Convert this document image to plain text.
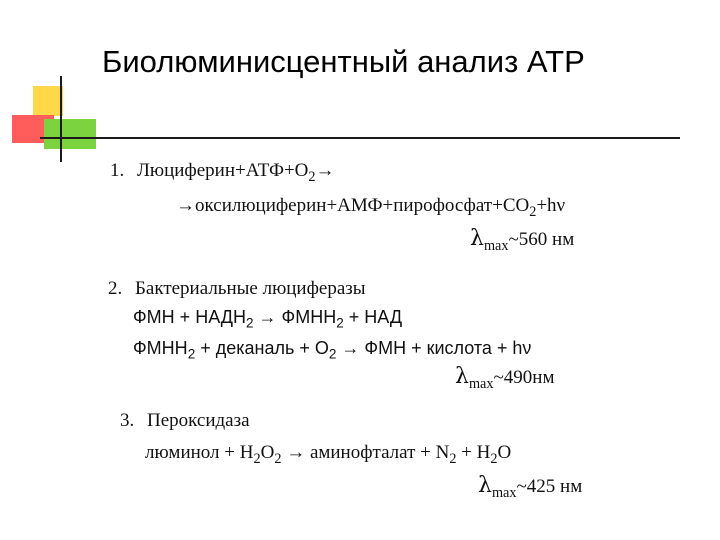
Биолюминисцентный анализ АТР
1. $Люциферин+АТФ+O_2\to$
$\to оксилюциферин+АМФ+пирофосфат+CO_2+h\nu$
$\lambda_{max}\sim 560$ нм
2. Бактериальные люциферазы
ФМН + $НАДН_2$ → $ФМНН_2$ + НАД
$ФМНН_2$ + деканаль + $O_2$ → ФМН + кислота + hν
$\lambda_{max}\sim 490нм$
3. Пероксидаза
люминол + $H_2O_2$ → аминофталат + $N_2 + H_2O$
$\lambda_{max}\sim 425$ нм
